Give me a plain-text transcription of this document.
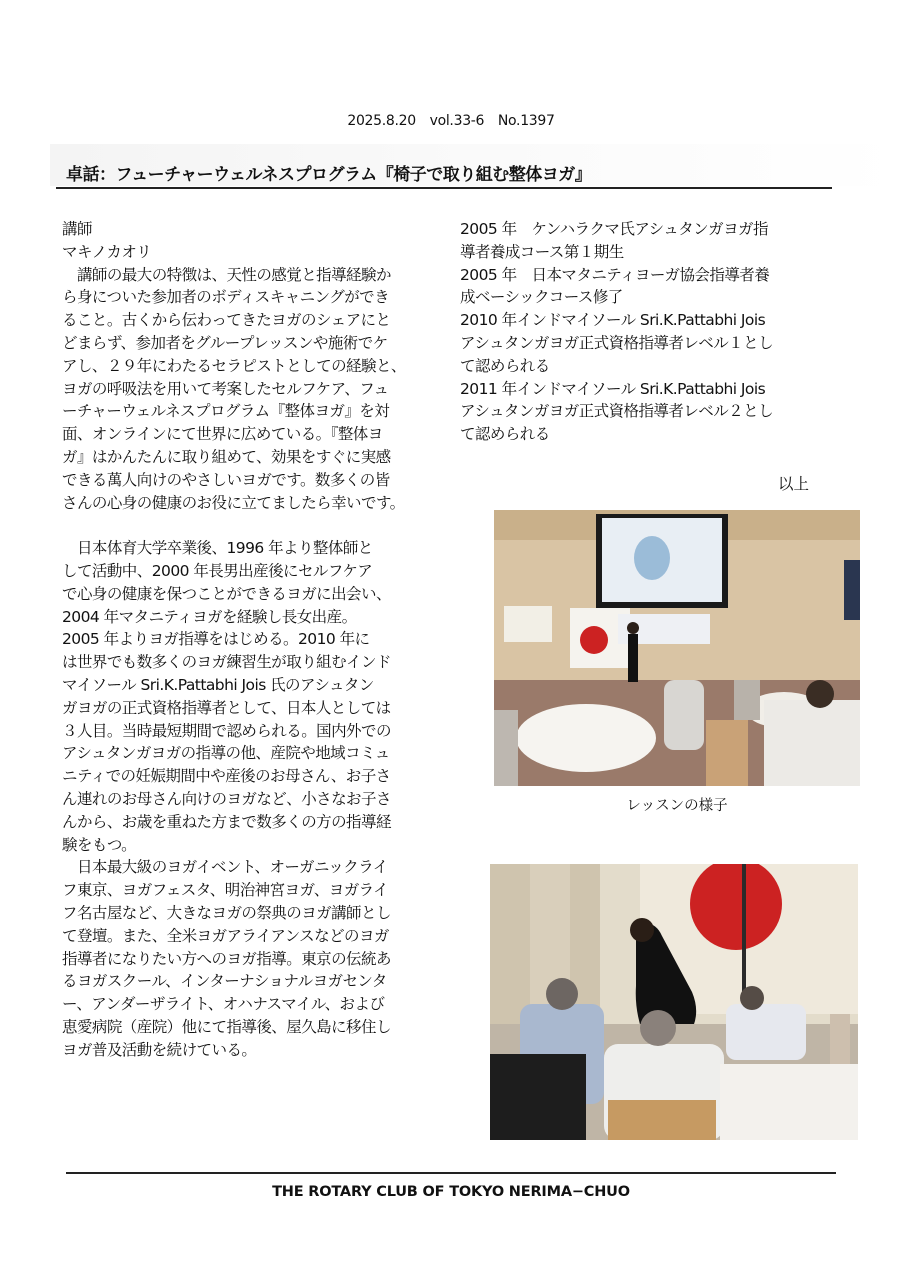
2025.8.20　vol.33-6　No.1397
卓話：フューチャーウェルネスプログラム『椅子で取り組む整体ヨガ』

講師

マキノカオリ

　講師の最大の特徴は、天性の感覚と指導経験か

ら身についた参加者のボディスキャニングができ

ること。古くから伝わってきたヨガのシェアにと

どまらず、参加者をグループレッスンや施術でケ

アし、２９年にわたるセラピストとしての経験と、

ヨガの呼吸法を用いて考案したセルフケア、フュ

ーチャーウェルネスプログラム『整体ヨガ』を対

面、オンラインにて世界に広めている。『整体ヨ

ガ』はかんたんに取り組めて、効果をすぐに実感

できる萬人向けのやさしいヨガです。数多くの皆

さんの心身の健康のお役に立てましたら幸いです。

　日本体育大学卒業後、1996 年より整体師と

して活動中、2000 年長男出産後にセルフケア

で心身の健康を保つことができるヨガに出会い、

2004 年マタニティヨガを経験し長女出産。

2005 年よりヨガ指導をはじめる。2010 年に

は世界でも数多くのヨガ練習生が取り組むインド

マイソール Sri.K.Pattabhi Jois 氏のアシュタン

ガヨガの正式資格指導者として、日本人としては

３人目。当時最短期間で認められる。国内外での

アシュタンガヨガの指導の他、産院や地域コミュ

ニティでの妊娠期間中や産後のお母さん、お子さ

ん連れのお母さん向けのヨガなど、小さなお子さ

んから、お歳を重ねた方まで数多くの方の指導経

験をもつ。

　日本最大級のヨガイベント、オーガニックライ

フ東京、ヨガフェスタ、明治神宮ヨガ、ヨガライ

フ名古屋など、大きなヨガの祭典のヨガ講師とし

て登壇。また、全米ヨガアライアンスなどのヨガ

指導者になりたい方へのヨガ指導。東京の伝統あ

るヨガスクール、インターナショナルヨガセンタ

ー、アンダーザライト、オハナスマイル、および

恵愛病院（産院）他にて指導後、屋久島に移住し

ヨガ普及活動を続けている。

2005 年　ケンハラクマ氏アシュタンガヨガ指

導者養成コース第１期生

2005 年　日本マタニティヨーガ協会指導者養

成ベーシックコース修了

2010 年インドマイソール Sri.K.Pattabhi Jois

アシュタンガヨガ正式資格指導者レベル１とし

て認められる

2011 年インドマイソール Sri.K.Pattabhi Jois

アシュタンガヨガ正式資格指導者レベル２とし

て認められる

以上
レッスンの様子
THE ROTARY CLUB OF TOKYO NERIMA−CHUO
